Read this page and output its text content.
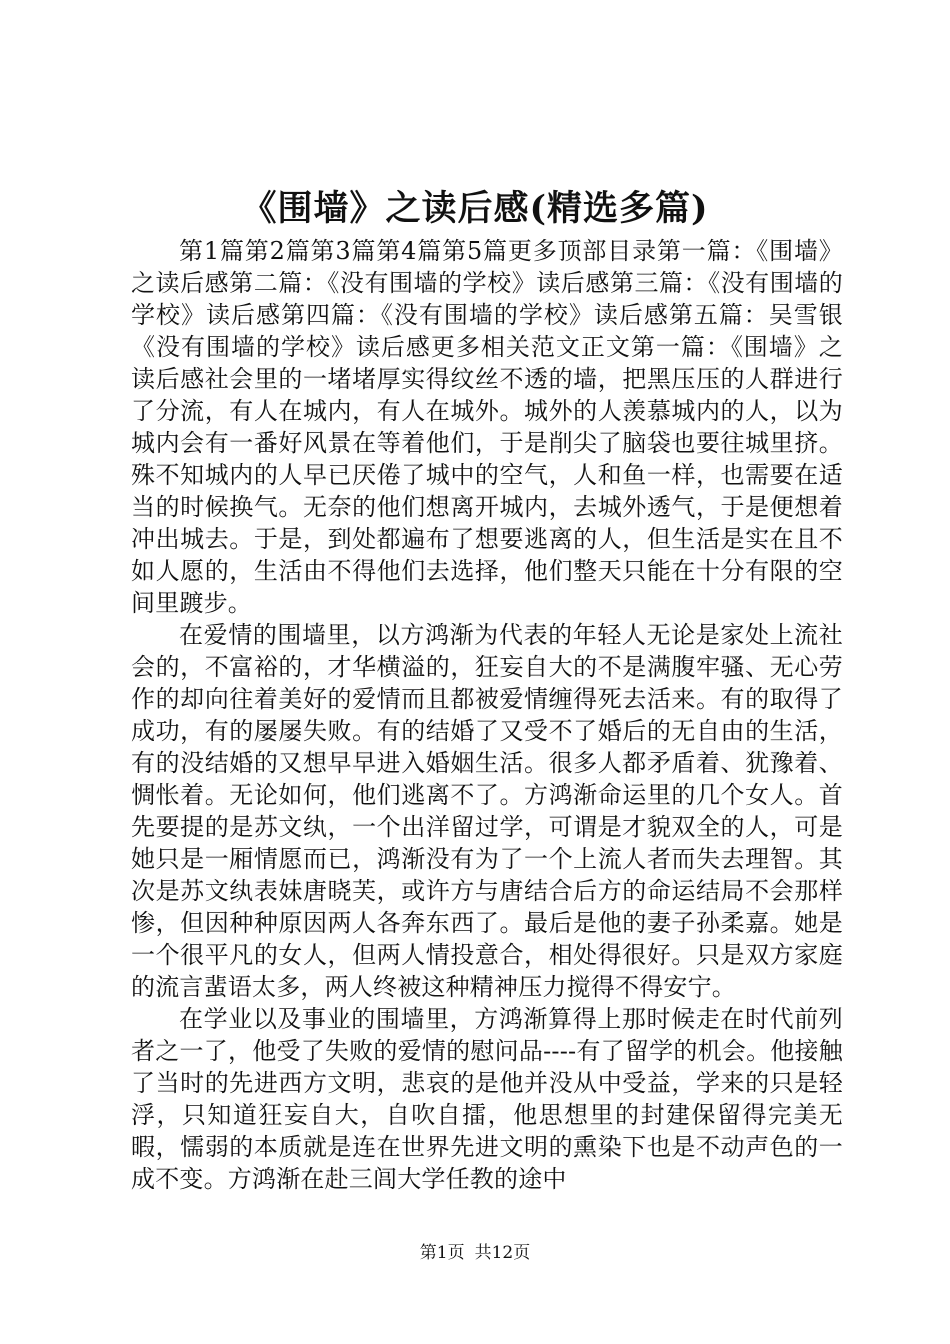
《围墙》之读后感(精选多篇)

第1篇第2篇第3篇第4篇第5篇更多顶部目录第一篇：《围墙》之读后感第二篇：《没有围墙的学校》读后感第三篇：《没有围墙的学校》读后感第四篇：《没有围墙的学校》读后感第五篇：吴雪银《没有围墙的学校》读后感更多相关范文正文第一篇：《围墙》之读后感社会里的一堵堵厚实得纹丝不透的墙，把黑压压的人群进行了分流，有人在城内，有人在城外。城外的人羡慕城内的人，以为城内会有一番好风景在等着他们，于是削尖了脑袋也要往城里挤。殊不知城内的人早已厌倦了城中的空气，人和鱼一样，也需要在适当的时候换气。无奈的他们想离开城内，去城外透气，于是便想着冲出城去。于是，到处都遍布了想要逃离的人，但生活是实在且不如人愿的，生活由不得他们去选择，他们整天只能在十分有限的空间里踱步。

在爱情的围墙里，以方鸿渐为代表的年轻人无论是家处上流社会的，不富裕的，才华横溢的，狂妄自大的不是满腹牢骚、无心劳作的却向往着美好的爱情而且都被爱情缠得死去活来。有的取得了成功，有的屡屡失败。有的结婚了又受不了婚后的无自由的生活，有的没结婚的又想早早进入婚姻生活。很多人都矛盾着、犹豫着、惆怅着。无论如何，他们逃离不了。方鸿渐命运里的几个女人。首先要提的是苏文纨，一个出洋留过学，可谓是才貌双全的人，可是她只是一厢情愿而已，鸿渐没有为了一个上流人者而失去理智。其次是苏文纨表妹唐晓芙，或许方与唐结合后方的命运结局不会那样惨，但因种种原因两人各奔东西了。最后是他的妻子孙柔嘉。她是一个很平凡的女人，但两人情投意合，相处得很好。只是双方家庭的流言蜚语太多，两人终被这种精神压力搅得不得安宁。

在学业以及事业的围墙里，方鸿渐算得上那时候走在时代前列者之一了，他受了失败的爱情的慰问品----有了留学的机会。他接触了当时的先进西方文明，悲哀的是他并没从中受益，学来的只是轻浮，只知道狂妄自大，自吹自擂，他思想里的封建保留得完美无暇，懦弱的本质就是连在世界先进文明的熏染下也是不动声色的一成不变。方鸿渐在赴三闾大学任教的途中

第1页 共12页
